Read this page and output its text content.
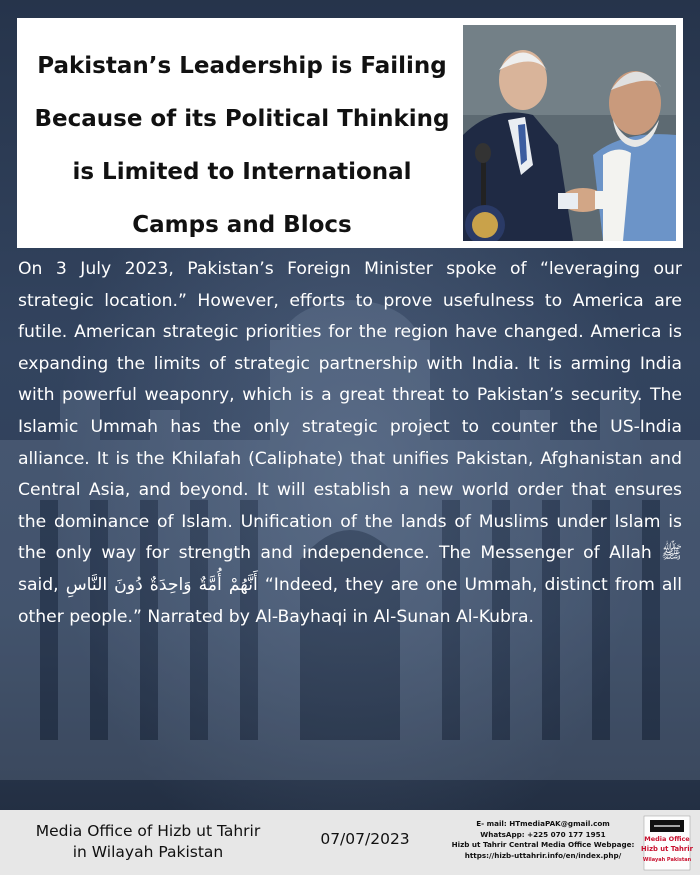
Pakistan’s Leadership is Failing
Because of its Political Thinking
is Limited to International
Camps and Blocs
On 3 July 2023, Pakistan’s Foreign Minister spoke of “leveraging our strategic location.” However, efforts to prove usefulness to America are futile. American strategic priorities for the region have changed. America is expanding the limits of strategic partnership with India. It is arming India with powerful weaponry, which is a great threat to Pakistan’s security. The Islamic Ummah has the only strategic project to counter the US-India alliance. It is the Khilafah (Caliphate) that unifies Pakistan, Afghanistan and Central Asia, and beyond. It will establish a new world order that ensures the dominance of Islam. Unification of the lands of Muslims under Islam is the only way for strength and independence. The Messenger of Allah ﷺ said, أَنَّهُمْ أُمَّةٌ وَاحِدَةٌ دُونَ النَّاسِ “Indeed, they are one Ummah, distinct from all other people.” Narrated by Al-Bayhaqi in Al-Sunan Al-Kubra.
Media Office of Hizb ut Tahrir
in Wilayah Pakistan
07/07/2023
E- mail: HTmediaPAK@gmail.com
WhatsApp: +225 070 177 1951
Hizb ut Tahrir Central Media Office Webpage:
https://hizb-uttahrir.info/en/index.php/
Media Office
Hizb ut Tahrir
Wilayah Pakistan
